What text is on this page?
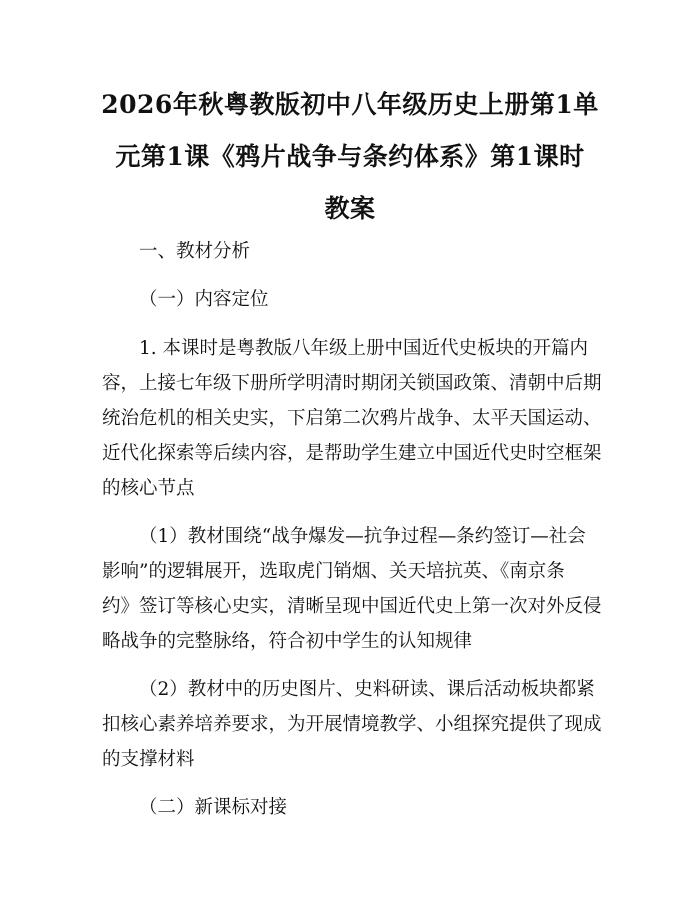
2026年秋粤教版初中八年级历史上册第1单
元第1课《鸦片战争与条约体系》第1课时
教案
一、教材分析
（一）内容定位
1. 本课时是粤教版八年级上册中国近代史板块的开篇内
容，上接七年级下册所学明清时期闭关锁国政策、清朝中后期
统治危机的相关史实，下启第二次鸦片战争、太平天国运动、
近代化探索等后续内容，是帮助学生建立中国近代史时空框架
的核心节点
（1）教材围绕“战争爆发—抗争过程—条约签订—社会
影响”的逻辑展开，选取虎门销烟、关天培抗英、《南京条
约》签订等核心史实，清晰呈现中国近代史上第一次对外反侵
略战争的完整脉络，符合初中学生的认知规律
（2）教材中的历史图片、史料研读、课后活动板块都紧
扣核心素养培养要求，为开展情境教学、小组探究提供了现成
的支撑材料
（二）新课标对接
